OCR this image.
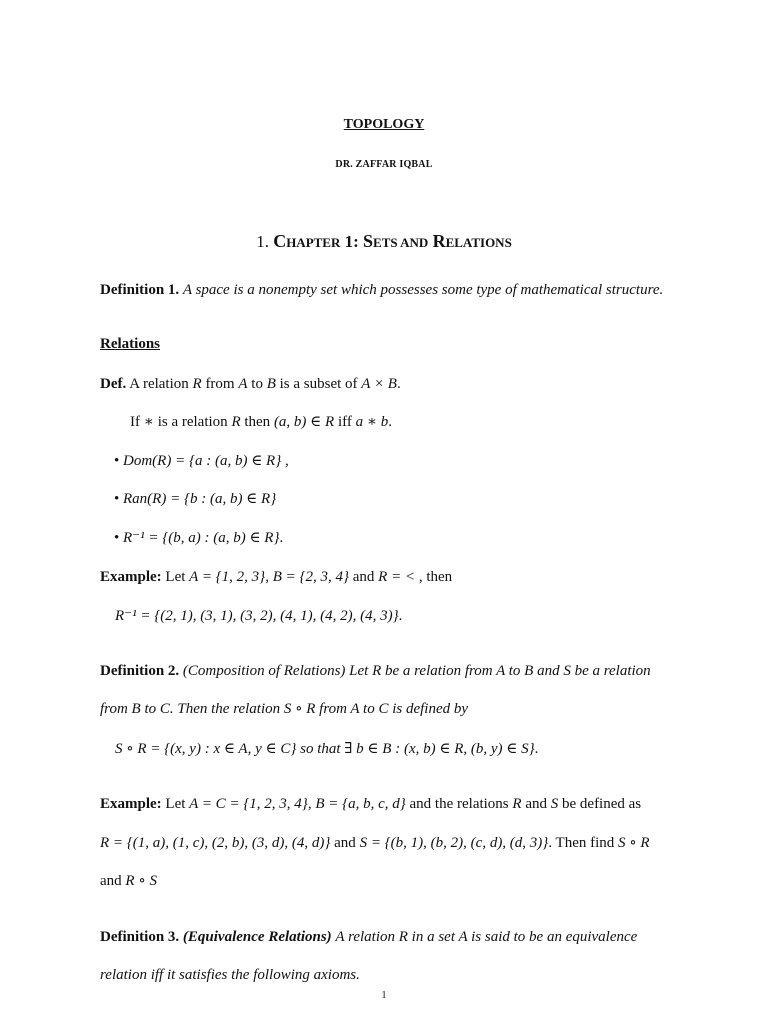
TOPOLOGY
DR. ZAFFAR IQBAL
1. CHAPTER 1: SETS AND RELATIONS
Definition 1. A space is a nonempty set which possesses some type of mathematical structure.
Relations
Def. A relation R from A to B is a subset of A × B.
If ∗ is a relation R then (a, b) ∈ R iff a ∗ b.
• Dom(R) = {a : (a, b) ∈ R} ,
• Ran(R) = {b : (a, b) ∈ R}
• R⁻¹ = {(b, a) : (a, b) ∈ R}.
Example: Let A = {1, 2, 3}, B = {2, 3, 4} and R = < , then
R⁻¹ = {(2, 1), (3, 1), (3, 2), (4, 1), (4, 2), (4, 3)}.
Definition 2. (Composition of Relations) Let R be a relation from A to B and S be a relation
from B to C. Then the relation S ∘ R from A to C is defined by
S ∘ R = {(x, y) : x ∈ A, y ∈ C} so that ∃ b ∈ B : (x, b) ∈ R, (b, y) ∈ S}.
Example: Let A = C = {1, 2, 3, 4}, B = {a, b, c, d} and the relations R and S be defined as
R = {(1, a), (1, c), (2, b), (3, d), (4, d)} and S = {(b, 1), (b, 2), (c, d), (d, 3)}. Then find S ∘ R
and R ∘ S
Definition 3. (Equivalence Relations) A relation R in a set A is said to be an equivalence
relation iff it satisfies the following axioms.
1
